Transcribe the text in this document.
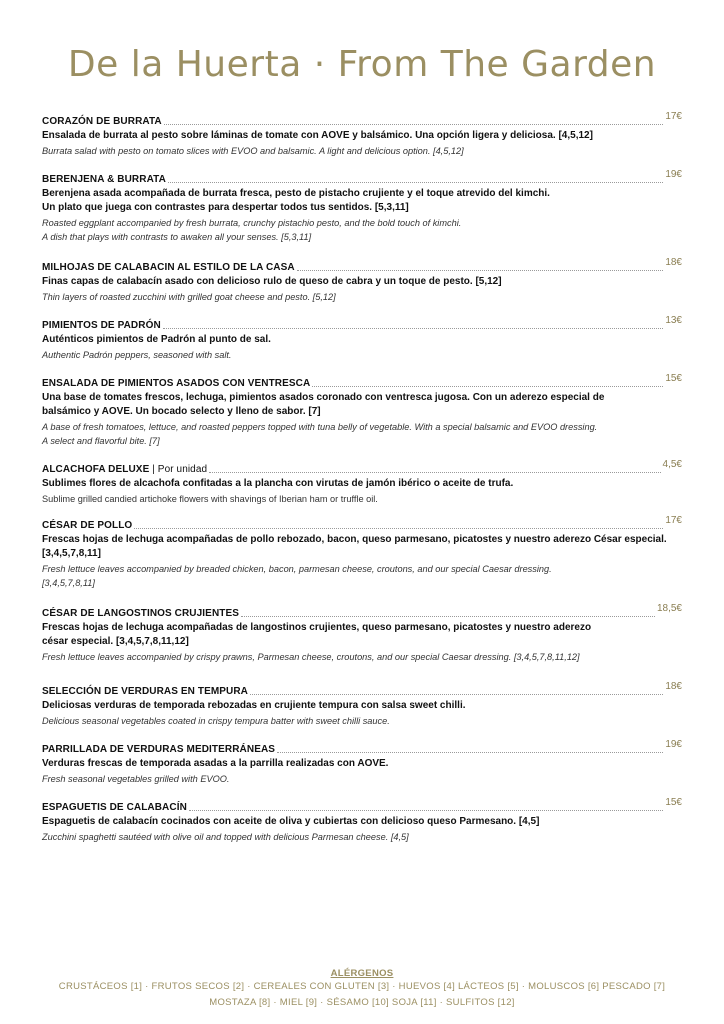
De la Huerta · From The Garden
CORAZÓN DE BURRATA	17€
Ensalada de burrata al pesto sobre láminas de tomate con AOVE y balsámico. Una opción ligera y deliciosa. [4,5,12]
Burrata salad with pesto on tomato slices with EVOO and balsamic. A light and delicious option. [4,5,12]
BERENJENA & BURRATA	19€
Berenjena asada acompañada de burrata fresca, pesto de pistacho crujiente y el toque atrevido del kimchi.
Un plato que juega con contrastes para despertar todos tus sentidos. [5,3,11]
Roasted eggplant accompanied by fresh burrata, crunchy pistachio pesto, and the bold touch of kimchi.
A dish that plays with contrasts to awaken all your senses. [5,3,11]
MILHOJAS DE CALABACIN AL ESTILO DE LA CASA	18€
Finas capas de calabacín asado con delicioso rulo de queso de cabra y un toque de pesto. [5,12]
Thin layers of roasted zucchini with grilled goat cheese and pesto. [5,12]
PIMIENTOS DE PADRÓN	13€
Auténticos pimientos de Padrón al punto de sal.
Authentic Padrón peppers, seasoned with salt.
ENSALADA DE PIMIENTOS ASADOS CON VENTRESCA	15€
Una base de tomates frescos, lechuga, pimientos asados coronado con ventresca jugosa. Con un aderezo especial de
balsámico y AOVE. Un bocado selecto y lleno de sabor. [7]
A base of fresh tomatoes, lettuce, and roasted peppers topped with tuna belly of vegetable. With a special balsamic and EVOO dressing.
A select and flavorful bite. [7]
ALCACHOFA DELUXE | Por unidad	4,5€
Sublimes flores de alcachofa confitadas a la plancha con virutas de jamón ibérico o aceite de trufa.
Sublime grilled candied artichoke flowers with shavings of Iberian ham or truffle oil.
CÉSAR DE POLLO	17€
Frescas hojas de lechuga acompañadas de pollo rebozado, bacon, queso parmesano, picatostes y nuestro aderezo César especial.
[3,4,5,7,8,11]
Fresh lettuce leaves accompanied by breaded chicken, bacon, parmesan cheese, croutons, and our special Caesar dressing.
[3,4,5,7,8,11]
CÉSAR DE LANGOSTINOS CRUJIENTES	18,5€
Frescas hojas de lechuga acompañadas de langostinos crujientes, queso parmesano, picatostes y nuestro aderezo
césar especial. [3,4,5,7,8,11,12]
Fresh lettuce leaves accompanied by crispy prawns, Parmesan cheese, croutons, and our special Caesar dressing. [3,4,5,7,8,11,12]
SELECCIÓN DE VERDURAS EN TEMPURA	18€
Deliciosas verduras de temporada rebozadas en crujiente tempura con salsa sweet chilli.
Delicious seasonal vegetables coated in crispy tempura batter with sweet chilli sauce.
PARRILLADA DE VERDURAS MEDITERRÁNEAS	19€
Verduras frescas de temporada asadas a la parrilla realizadas con AOVE.
Fresh seasonal vegetables grilled with EVOO.
ESPAGUETIS DE CALABACÍN	15€
Espaguetis de calabacín cocinados con aceite de oliva y cubiertas con delicioso queso Parmesano. [4,5]
Zucchini spaghetti sautéed with olive oil and topped with delicious Parmesan cheese. [4,5]
ALÉRGENOS
CRUSTÁCEOS [1] · FRUTOS SECOS [2] · CEREALES CON GLUTEN [3] · HUEVOS [4] LÁCTEOS [5] · MOLUSCOS [6] PESCADO [7]
MOSTAZA [8] · MIEL [9] · SÉSAMO [10] SOJA [11] · SULFITOS [12]
